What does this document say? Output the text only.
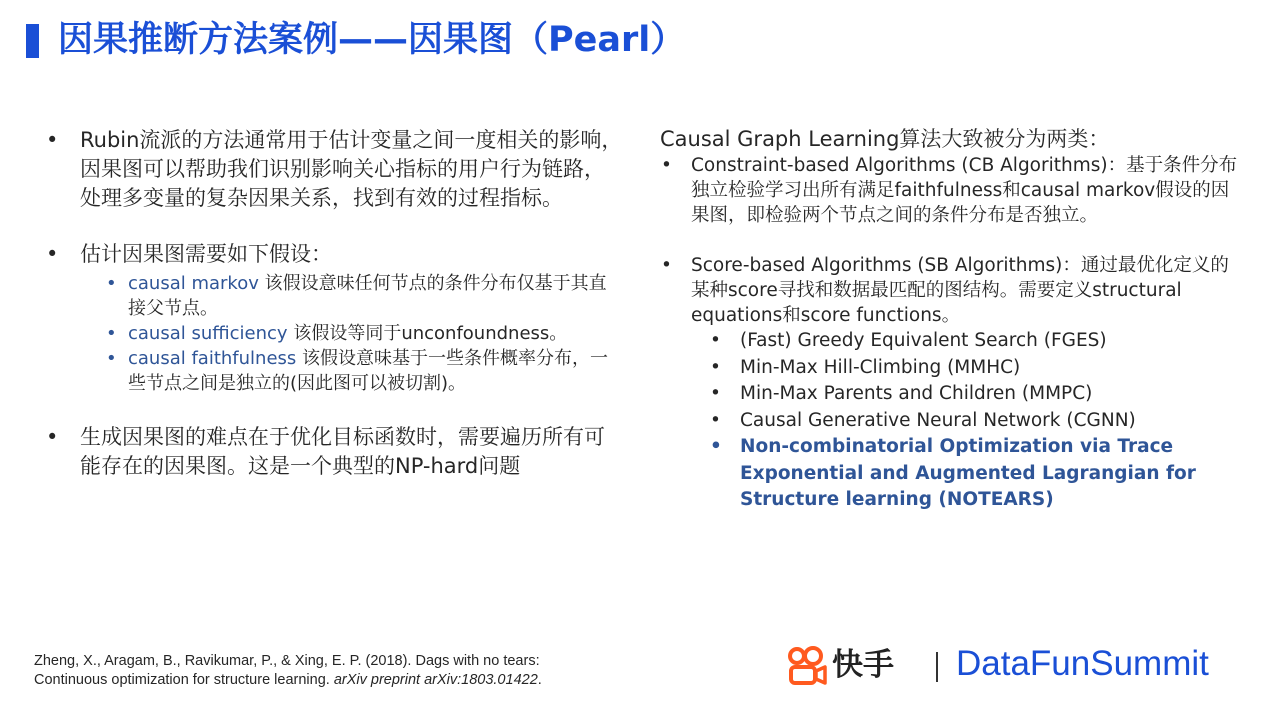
因果推断方法案例——因果图（Pearl）
• Rubin流派的方法通常用于估计变量之间一度相关的影响，因果图可以帮助我们识别影响关心指标的用户行为链路，处理多变量的复杂因果关系，找到有效的过程指标。
• 估计因果图需要如下假设：
• causal markov 该假设意味任何节点的条件分布仅基于其直接父节点。
• causal sufficiency 该假设等同于unconfoundness。
• causal faithfulness 该假设意味基于一些条件概率分布，一些节点之间是独立的(因此图可以被切割)。
• 生成因果图的难点在于优化目标函数时，需要遍历所有可能存在的因果图。这是一个典型的NP-hard问题

Causal Graph Learning算法大致被分为两类：

• Constraint-based Algorithms (CB Algorithms)：基于条件分布独立检验学习出所有满足faithfulness和causal markov假设的因果图，即检验两个节点之间的条件分布是否独立。
• Score-based Algorithms (SB Algorithms)：通过最优化定义的某种score寻找和数据最匹配的图结构。需要定义structural equations和score functions。
• (Fast) Greedy Equivalent Search (FGES)
• Min-Max Hill-Climbing (MMHC)
• Min-Max Parents and Children (MMPC)
• Causal Generative Neural Network (CGNN)
• Non-combinatorial Optimization via Trace Exponential and Augmented Lagrangian for Structure learning (NOTEARS)

Zheng, X., Aragam, B., Ravikumar, P., & Xing, E. P. (2018). Dags with no tears:
Continuous optimization for structure learning. arXiv preprint arXiv:1803.01422.	快手 DataFunSummit
